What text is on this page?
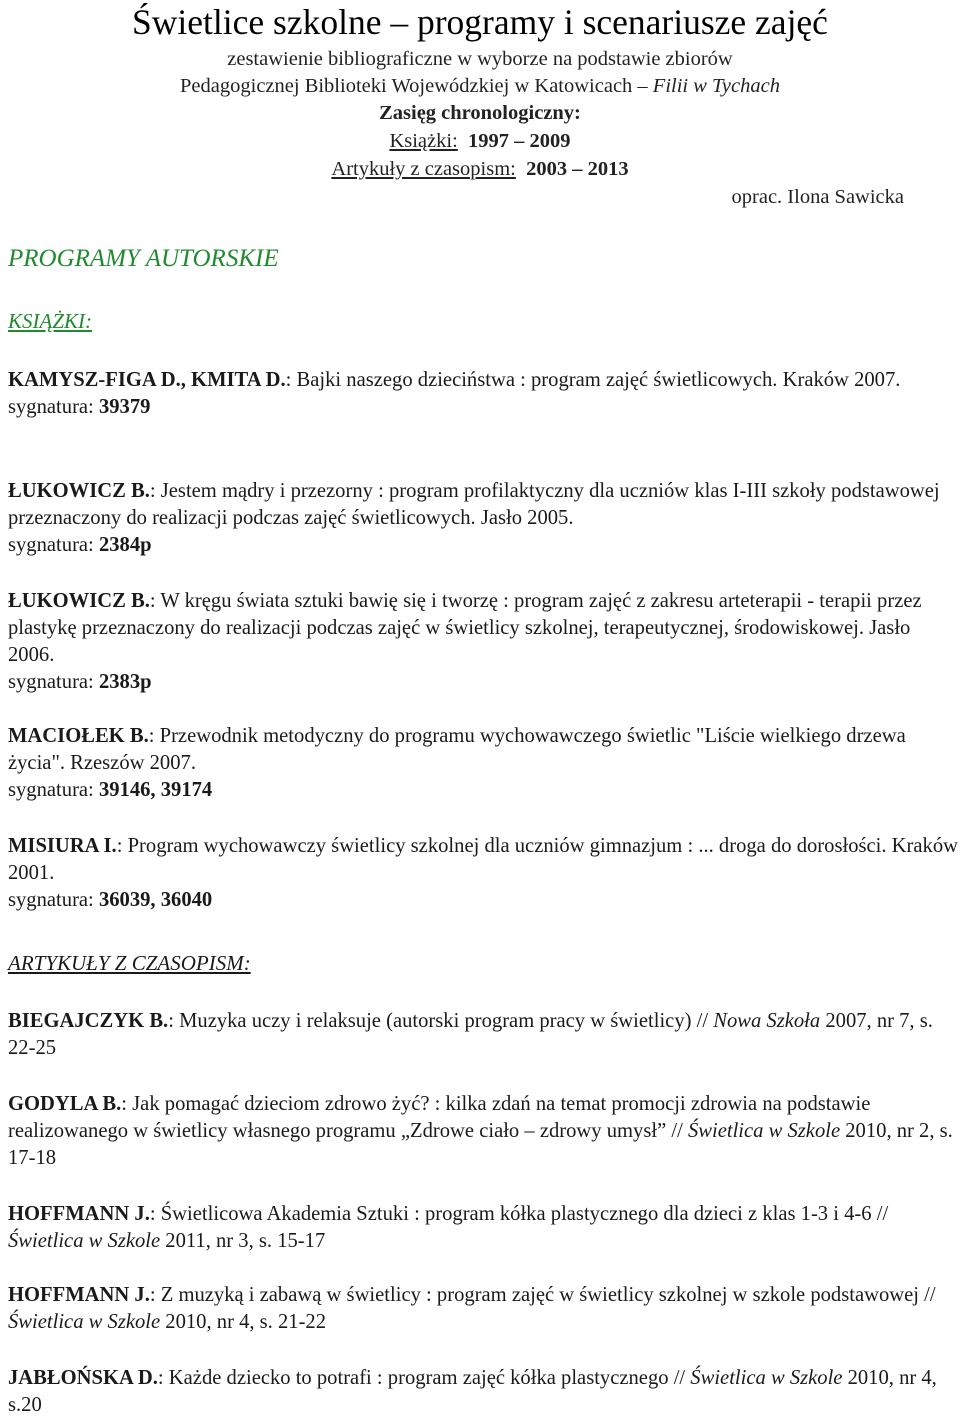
Świetlice szkolne – programy i scenariusze zajęć
zestawienie bibliograficzne w wyborze na podstawie zbiorów
Pedagogicznej Biblioteki Wojewódzkiej w Katowicach – Filii w Tychach
Zasięg chronologiczny:
Książki: 1997 – 2009
Artykuły z czasopism: 2003 – 2013
oprac. Ilona Sawicka
PROGRAMY AUTORSKIE
KSIĄŻKI:

KAMYSZ-FIGA D., KMITA D.: Bajki naszego dzieciństwa : program zajęć świetlicowych. Kraków 2007.

sygnatura: 39379

ŁUKOWICZ B.: Jestem mądry i przezorny : program profilaktyczny dla uczniów klas I-III szkoły podstawowej przeznaczony do realizacji podczas zajęć świetlicowych. Jasło 2005.

sygnatura: 2384p

ŁUKOWICZ B.: W kręgu świata sztuki bawię się i tworzę : program zajęć z zakresu arteterapii - terapii przez plastykę przeznaczony do realizacji podczas zajęć w świetlicy szkolnej, terapeutycznej, środowiskowej. Jasło 2006.

sygnatura: 2383p

MACIOŁEK B.: Przewodnik metodyczny do programu wychowawczego świetlic "Liście wielkiego drzewa życia". Rzeszów 2007.

sygnatura: 39146, 39174

MISIURA I.: Program wychowawczy świetlicy szkolnej dla uczniów gimnazjum : ... droga do dorosłości. Kraków 2001.

sygnatura: 36039, 36040

ARTYKUŁY Z CZASOPISM:

BIEGAJCZYK B.: Muzyka uczy i relaksuje (autorski program pracy w świetlicy) // Nowa Szkoła 2007, nr 7, s. 22-25

GODYLA B.: Jak pomagać dzieciom zdrowo żyć? : kilka zdań na temat promocji zdrowia na podstawie realizowanego w świetlicy własnego programu „Zdrowe ciało – zdrowy umysł” // Świetlica w Szkole 2010, nr 2, s. 17-18

HOFFMANN J.: Świetlicowa Akademia Sztuki : program kółka plastycznego dla dzieci z klas 1-3 i 4-6 // Świetlica w Szkole 2011, nr 3, s. 15-17

HOFFMANN J.: Z muzyką i zabawą w świetlicy : program zajęć w świetlicy szkolnej w szkole podstawowej // Świetlica w Szkole 2010, nr 4, s. 21-22

JABŁOŃSKA D.: Każde dziecko to potrafi : program zajęć kółka plastycznego // Świetlica w Szkole 2010, nr 4, s.20
